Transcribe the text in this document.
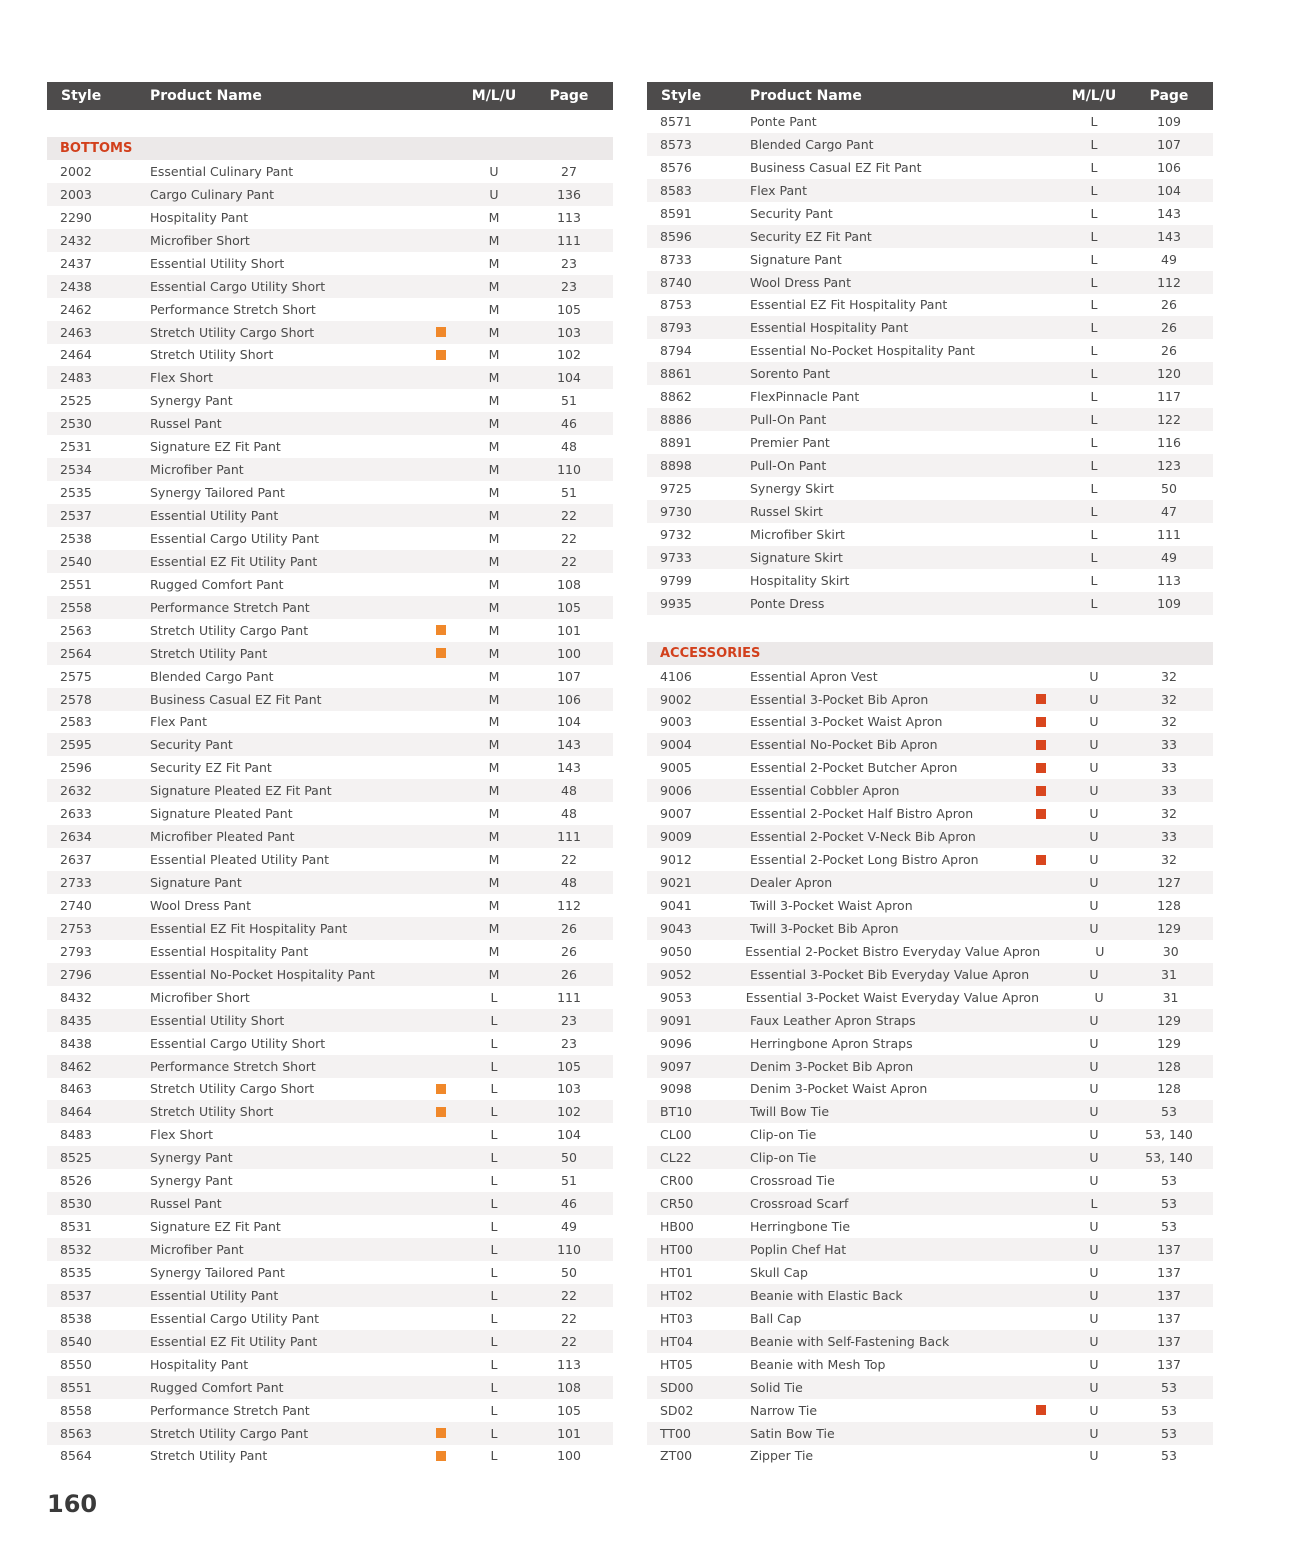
Style	Product Name	M/L/U	Page
BOTTOMS
2002	Essential Culinary Pant	U	27
2003	Cargo Culinary Pant	U	136
2290	Hospitality Pant	M	113
2432	Microfiber Short	M	111
2437	Essential Utility Short	M	23
2438	Essential Cargo Utility Short	M	23
2462	Performance Stretch Short	M	105
2463	Stretch Utility Cargo Short	M	103
2464	Stretch Utility Short	M	102
2483	Flex Short	M	104
2525	Synergy Pant	M	51
2530	Russel Pant	M	46
2531	Signature EZ Fit Pant	M	48
2534	Microfiber Pant	M	110
2535	Synergy Tailored Pant	M	51
2537	Essential Utility Pant	M	22
2538	Essential Cargo Utility Pant	M	22
2540	Essential EZ Fit Utility Pant	M	22
2551	Rugged Comfort Pant	M	108
2558	Performance Stretch Pant	M	105
2563	Stretch Utility Cargo Pant	M	101
2564	Stretch Utility Pant	M	100
2575	Blended Cargo Pant	M	107
2578	Business Casual EZ Fit Pant	M	106
2583	Flex Pant	M	104
2595	Security Pant	M	143
2596	Security EZ Fit Pant	M	143
2632	Signature Pleated EZ Fit Pant	M	48
2633	Signature Pleated Pant	M	48
2634	Microfiber Pleated Pant	M	111
2637	Essential Pleated Utility Pant	M	22
2733	Signature Pant	M	48
2740	Wool Dress Pant	M	112
2753	Essential EZ Fit Hospitality Pant	M	26
2793	Essential Hospitality Pant	M	26
2796	Essential No-Pocket Hospitality Pant	M	26
8432	Microfiber Short	L	111
8435	Essential Utility Short	L	23
8438	Essential Cargo Utility Short	L	23
8462	Performance Stretch Short	L	105
8463	Stretch Utility Cargo Short	L	103
8464	Stretch Utility Short	L	102
8483	Flex Short	L	104
8525	Synergy Pant	L	50
8526	Synergy Pant	L	51
8530	Russel Pant	L	46
8531	Signature EZ Fit Pant	L	49
8532	Microfiber Pant	L	110
8535	Synergy Tailored Pant	L	50
8537	Essential Utility Pant	L	22
8538	Essential Cargo Utility Pant	L	22
8540	Essential EZ Fit Utility Pant	L	22
8550	Hospitality Pant	L	113
8551	Rugged Comfort Pant	L	108
8558	Performance Stretch Pant	L	105
8563	Stretch Utility Cargo Pant	L	101
8564	Stretch Utility Pant	L	100
Style	Product Name	M/L/U	Page
8571	Ponte Pant	L	109
8573	Blended Cargo Pant	L	107
8576	Business Casual EZ Fit Pant	L	106
8583	Flex Pant	L	104
8591	Security Pant	L	143
8596	Security EZ Fit Pant	L	143
8733	Signature Pant	L	49
8740	Wool Dress Pant	L	112
8753	Essential EZ Fit Hospitality Pant	L	26
8793	Essential Hospitality Pant	L	26
8794	Essential No-Pocket Hospitality Pant	L	26
8861	Sorento Pant	L	120
8862	FlexPinnacle Pant	L	117
8886	Pull-On Pant	L	122
8891	Premier Pant	L	116
8898	Pull-On Pant	L	123
9725	Synergy Skirt	L	50
9730	Russel Skirt	L	47
9732	Microfiber Skirt	L	111
9733	Signature Skirt	L	49
9799	Hospitality Skirt	L	113
9935	Ponte Dress	L	109
ACCESSORIES
4106	Essential Apron Vest	U	32
9002	Essential 3-Pocket Bib Apron	U	32
9003	Essential 3-Pocket Waist Apron	U	32
9004	Essential No-Pocket Bib Apron	U	33
9005	Essential 2-Pocket Butcher Apron	U	33
9006	Essential Cobbler Apron	U	33
9007	Essential 2-Pocket Half Bistro Apron	U	32
9009	Essential 2-Pocket V-Neck Bib Apron	U	33
9012	Essential 2-Pocket Long Bistro Apron	U	32
9021	Dealer Apron	U	127
9041	Twill 3-Pocket Waist Apron	U	128
9043	Twill 3-Pocket Bib Apron	U	129
9050	Essential 2-Pocket Bistro Everyday Value Apron	U	30
9052	Essential 3-Pocket Bib Everyday Value Apron	U	31
9053	Essential 3-Pocket Waist Everyday Value Apron	U	31
9091	Faux Leather Apron Straps	U	129
9096	Herringbone Apron Straps	U	129
9097	Denim 3-Pocket Bib Apron	U	128
9098	Denim 3-Pocket Waist Apron	U	128
BT10	Twill Bow Tie	U	53
CL00	Clip-on Tie	U	53, 140
CL22	Clip-on Tie	U	53, 140
CR00	Crossroad Tie	U	53
CR50	Crossroad Scarf	L	53
HB00	Herringbone Tie	U	53
HT00	Poplin Chef Hat	U	137
HT01	Skull Cap	U	137
HT02	Beanie with Elastic Back	U	137
HT03	Ball Cap	U	137
HT04	Beanie with Self-Fastening Back	U	137
HT05	Beanie with Mesh Top	U	137
SD00	Solid Tie	U	53
SD02	Narrow Tie	U	53
TT00	Satin Bow Tie	U	53
ZT00	Zipper Tie	U	53
160
